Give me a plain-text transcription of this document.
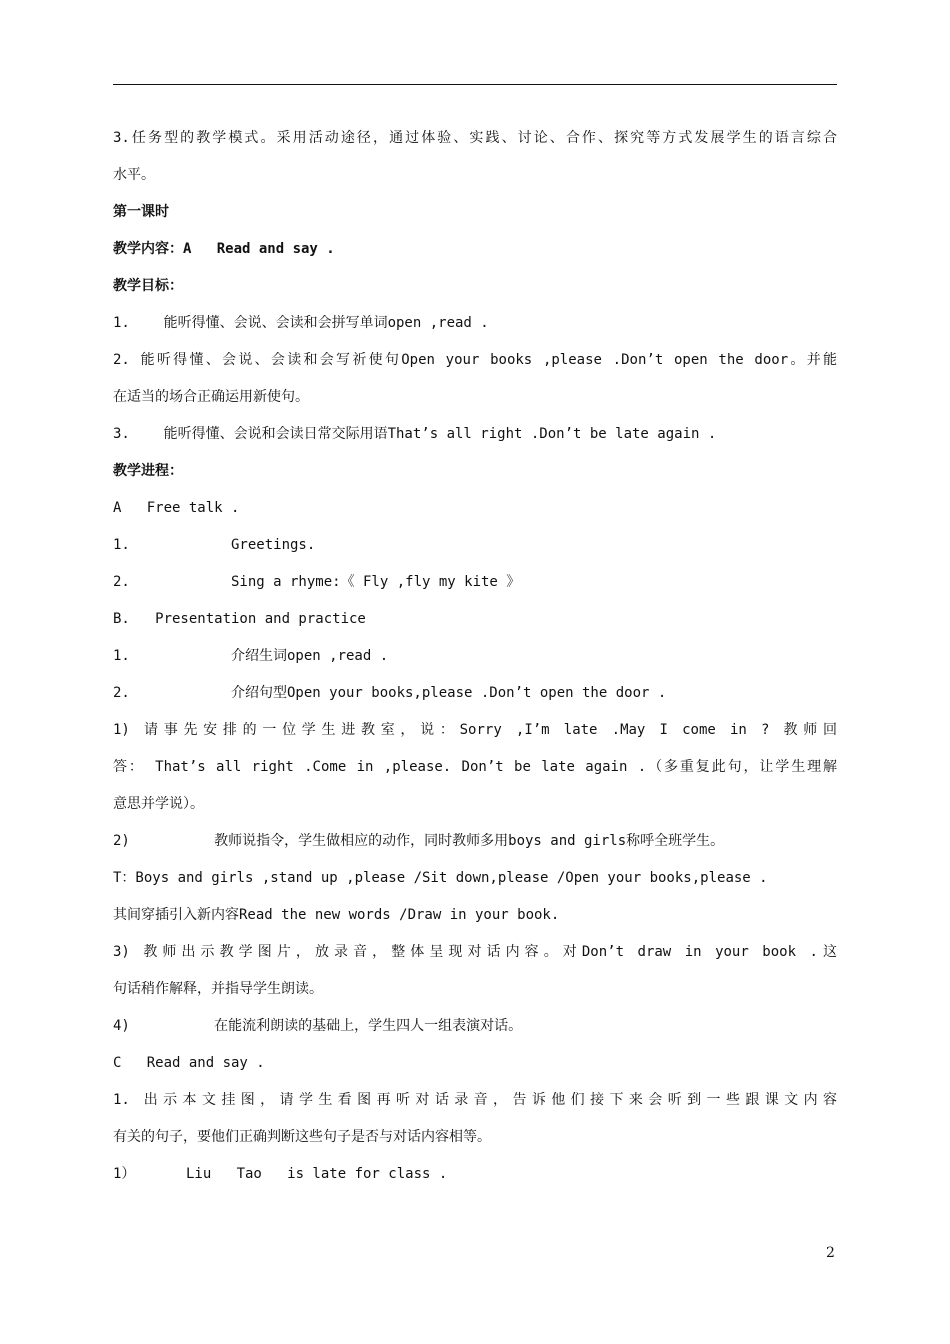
3.任务型的教学模式。采用活动途径，通过体验、实践、讨论、合作、探究等方式发展学生的语言综合
水平。
第一课时
教学内容：A   Read and say .
教学目标：
1.    能听得懂、会说、会读和会拼写单词open ,read .
2. 能听得懂、会说、会读和会写祈使句Open your books ,please .Don’t open the door。并能
在适当的场合正确运用新使句。
3.    能听得懂、会说和会读日常交际用语That’s all right .Don’t be late again .
教学进程：
A   Free talk .
1.            Greetings.
2.            Sing a rhyme:《 Fly ,fly my kite 》
B.   Presentation and practice
1.            介绍生词open ,read .
2.            介绍句型Open your books,please .Don’t open the door .
1) 请事先安排的一位学生进教室，说：Sorry ,I’m late .May I come in ? 教师回
答： That’s all right .Come in ,please. Don’t be late again .（多重复此句，让学生理解
意思并学说）。
2)          教师说指令，学生做相应的动作，同时教师多用boys and girls称呼全班学生。
T：Boys and girls ,stand up ,please /Sit down,please /Open your books,please .
其间穿插引入新内容Read the new words /Draw in your book.
3) 教师出示教学图片，放录音，整体呈现对话内容。对Don’t draw in your book .这
句话稍作解释，并指导学生朗读。
4)          在能流利朗读的基础上，学生四人一组表演对话。
C   Read and say .
1. 出示本文挂图，请学生看图再听对话录音，告诉他们接下来会听到一些跟课文内容
有关的句子，要他们正确判断这些句子是否与对话内容相等。
1）      Liu   Tao   is late for class .
2
